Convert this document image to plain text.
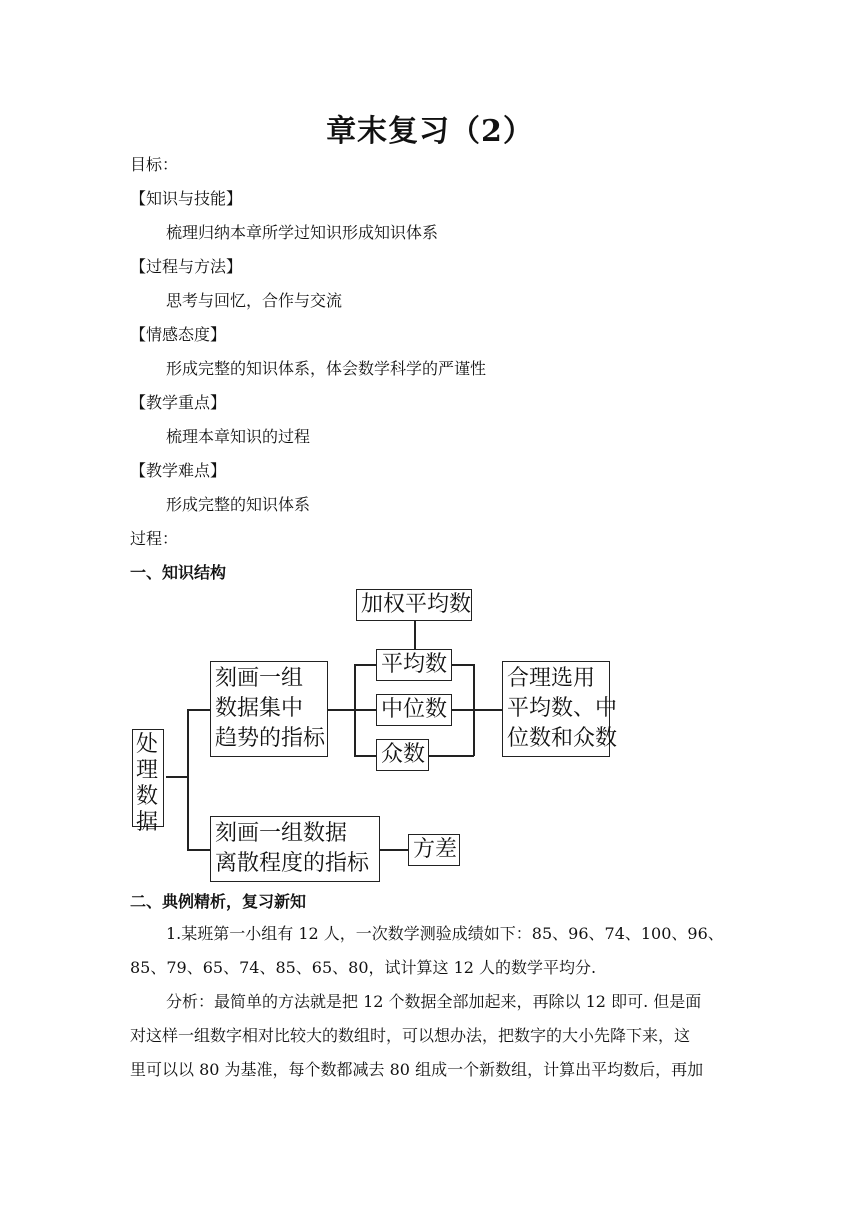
章末复习（2）
目标：
【知识与技能】
梳理归纳本章所学过知识形成知识体系
【过程与方法】
思考与回忆，合作与交流
【情感态度】
形成完整的知识体系，体会数学科学的严谨性
【教学重点】
梳理本章知识的过程
【教学难点】
形成完整的知识体系
过程：
一、知识结构
处理数据
刻画一组
数据集中
趋势的指标
加权平均数
平均数
中位数
众数
合理选用
平均数、中
位数和众数
刻画一组数据
离散程度的指标
方差
二、典例精析，复习新知
1.某班第一小组有 12 人，一次数学测验成绩如下：85、96、74、100、96、
85、79、65、74、85、65、80，试计算这 12 人的数学平均分.
分析：最简单的方法就是把 12 个数据全部加起来，再除以 12 即可. 但是面
对这样一组数字相对比较大的数组时，可以想办法，把数字的大小先降下来，这
里可以以 80 为基准，每个数都减去 80 组成一个新数组，计算出平均数后，再加
